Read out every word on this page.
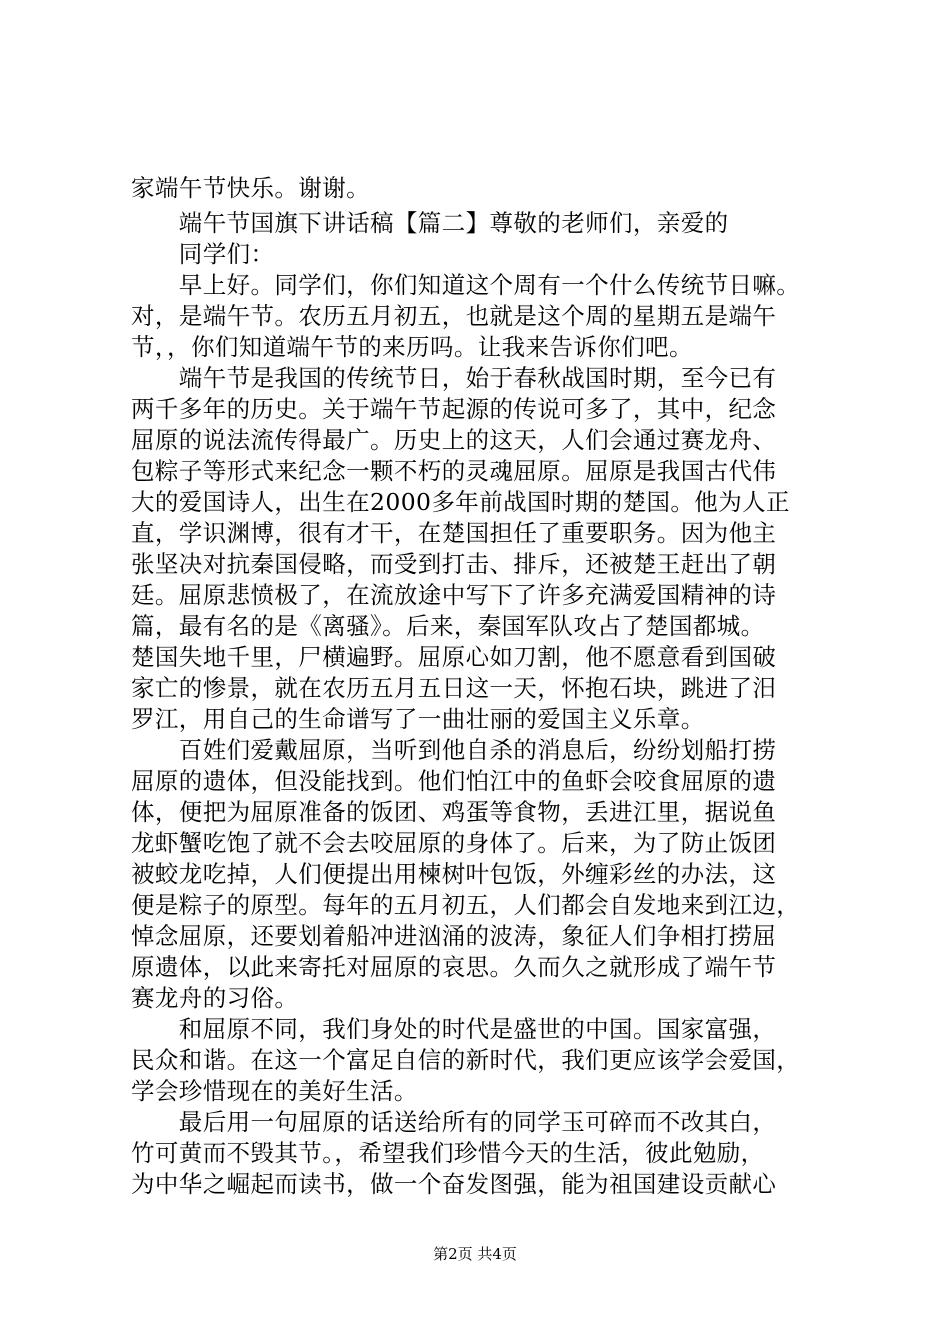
家端午节快乐。谢谢。
　　端午节国旗下讲话稿【篇二】尊敬的老师们，亲爱的
　　同学们：
　　早上好。同学们，你们知道这个周有一个什么传统节日嘛。
对，是端午节。农历五月初五，也就是这个周的星期五是端午
节，，你们知道端午节的来历吗。让我来告诉你们吧。
　　端午节是我国的传统节日，始于春秋战国时期，至今已有
两千多年的历史。关于端午节起源的传说可多了，其中，纪念
屈原的说法流传得最广。历史上的这天，人们会通过赛龙舟、
包粽子等形式来纪念一颗不朽的灵魂屈原。屈原是我国古代伟
大的爱国诗人，出生在2000多年前战国时期的楚国。他为人正
直，学识渊博，很有才干，在楚国担任了重要职务。因为他主
张坚决对抗秦国侵略，而受到打击、排斥，还被楚王赶出了朝
廷。屈原悲愤极了，在流放途中写下了许多充满爱国精神的诗
篇，最有名的是《离骚》。后来，秦国军队攻占了楚国都城。
楚国失地千里，尸横遍野。屈原心如刀割，他不愿意看到国破
家亡的惨景，就在农历五月五日这一天，怀抱石块，跳进了汨
罗江，用自己的生命谱写了一曲壮丽的爱国主义乐章。
　　百姓们爱戴屈原，当听到他自杀的消息后，纷纷划船打捞
屈原的遗体，但没能找到。他们怕江中的鱼虾会咬食屈原的遗
体，便把为屈原准备的饭团、鸡蛋等食物，丢进江里，据说鱼
龙虾蟹吃饱了就不会去咬屈原的身体了。后来，为了防止饭团
被蛟龙吃掉，人们便提出用楝树叶包饭，外缠彩丝的办法，这
便是粽子的原型。每年的五月初五，人们都会自发地来到江边，
悼念屈原，还要划着船冲进汹涌的波涛，象征人们争相打捞屈
原遗体，以此来寄托对屈原的哀思。久而久之就形成了端午节
赛龙舟的习俗。
　　和屈原不同，我们身处的时代是盛世的中国。国家富强，
民众和谐。在这一个富足自信的新时代，我们更应该学会爱国，
学会珍惜现在的美好生活。
　　最后用一句屈原的话送给所有的同学玉可碎而不改其白，
竹可黄而不毁其节。，希望我们珍惜今天的生活，彼此勉励，
为中华之崛起而读书，做一个奋发图强，能为祖国建设贡献心
第2页 共4页
